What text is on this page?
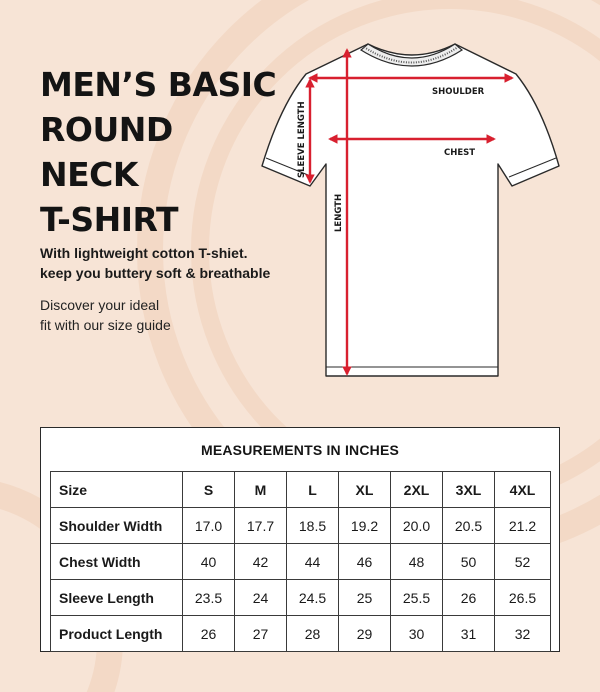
MEN’S BASIC
ROUND
NECK
T-SHIRT

With lightweight cotton T-shiet.
keep you buttery soft & breathable

Discover your ideal
fit with our size guide

SHOULDER
CHEST
SLEEVE LENGTH
LENGTH
MEASUREMENTS IN INCHES
Size	S	M	L	XL	2XL	3XL	4XL
Shoulder Width	17.0	17.7	18.5	19.2	20.0	20.5	21.2
Chest Width	40	42	44	46	48	50	52
Sleeve Length	23.5	24	24.5	25	25.5	26	26.5
Product Length	26	27	28	29	30	31	32
